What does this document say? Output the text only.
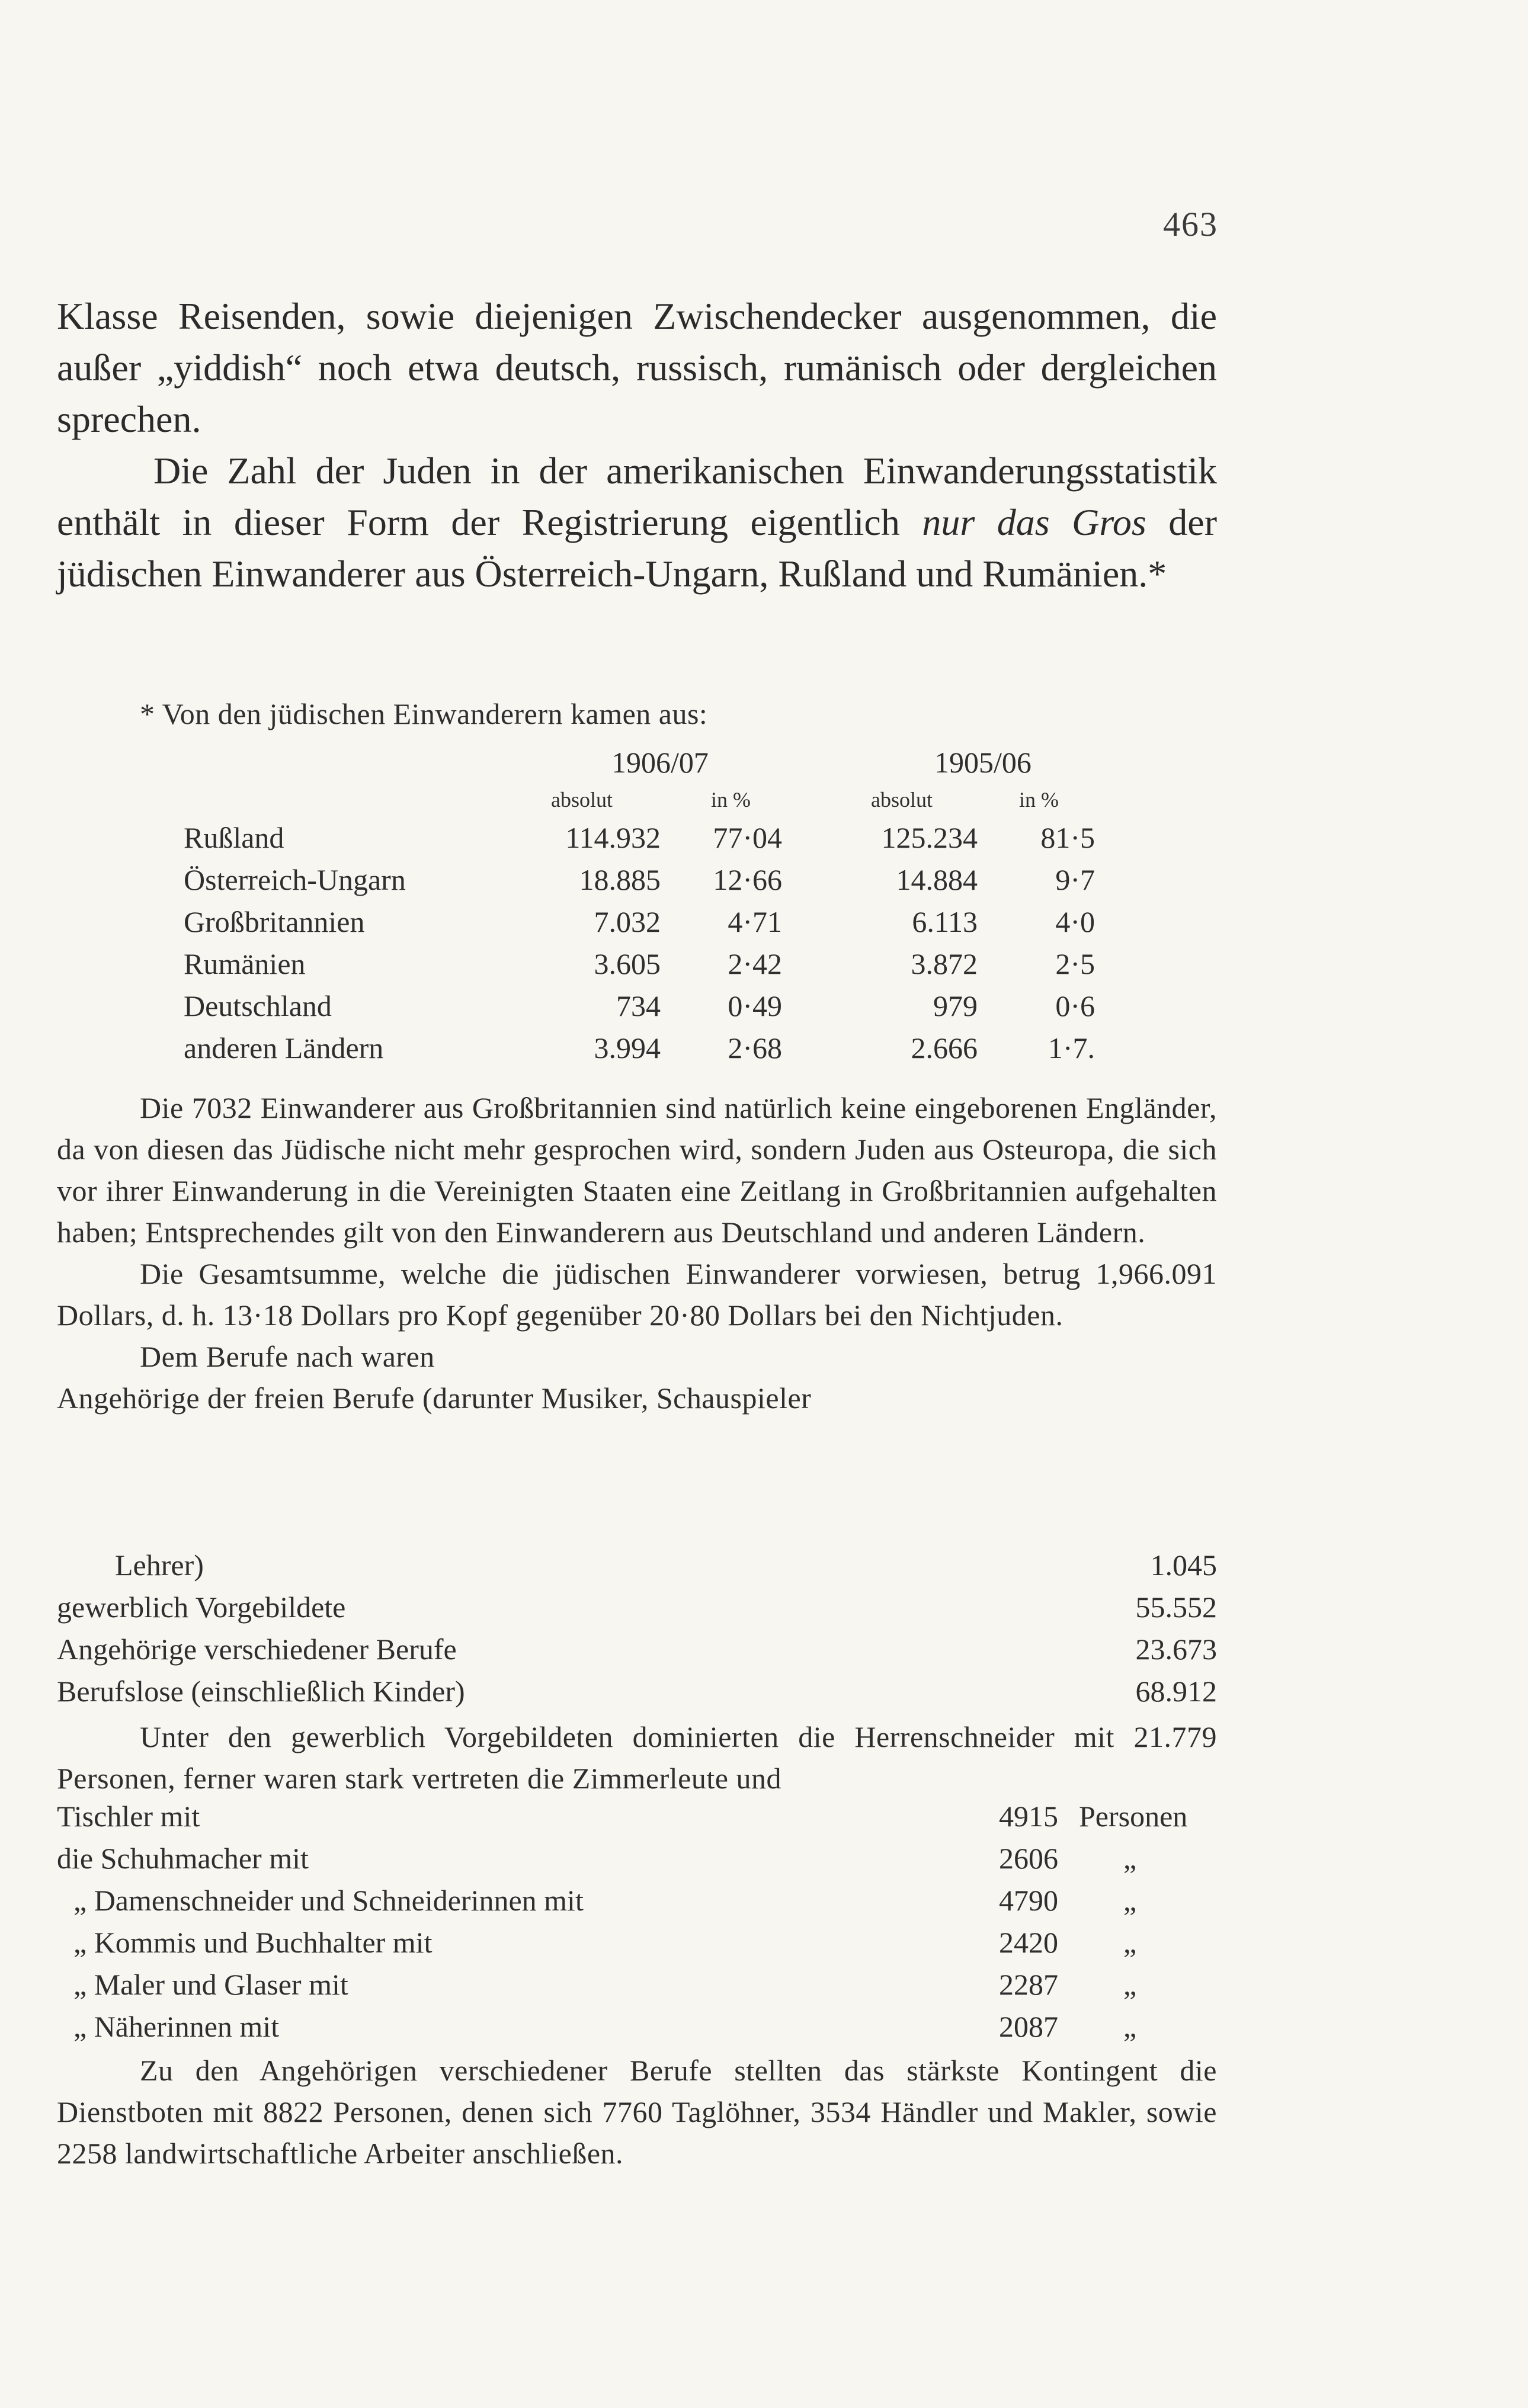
463

Klasse Reisenden, sowie diejenigen Zwischendecker ausgenommen, die außer „yiddish“ noch etwa deutsch, russisch, rumänisch oder dergleichen sprechen.

Die Zahl der Juden in der amerikanischen Einwanderungsstatistik enthält in dieser Form der Registrierung eigentlich nur das Gros der jüdischen Einwanderer aus Österreich-Ungarn, Rußland und Rumänien.*

* Von den jüdischen Einwanderern kamen aus:
1906/07	1905/06
absolut	in %	absolut	in %
Rußland	114.932 77·04	125.234 81·5
Österreich-Ungarn	18.885 12·66	14.884	9·7
Großbritannien	7.032 4·71	6.113	4·0
Rumänien	3.605 2·42	3.872	2·5
Deutschland	734 0·49	979	0·6
anderen Ländern	3.994 2·68	2.666 1·7.

Die 7032 Einwanderer aus Großbritannien sind natürlich keine eingeborenen Engländer, da von diesen das Jüdische nicht mehr gesprochen wird, sondern Juden aus Osteuropa, die sich vor ihrer Einwanderung in die Vereinigten Staaten eine Zeitlang in Großbritannien aufgehalten haben; Entsprechendes gilt von den Einwanderern aus Deutschland und anderen Ländern.

Die Gesamtsumme, welche die jüdischen Einwanderer vorwiesen, betrug 1,966.091 Dollars, d. h. 13·18 Dollars pro Kopf gegenüber 20·80 Dollars bei den Nichtjuden.

Dem Berufe nach waren

Angehörige der freien Berufe (darunter Musiker, Schauspieler

Lehrer)	1.045
gewerblich Vorgebildete	55.552
Angehörige verschiedener Berufe	23.673
Berufslose (einschließlich Kinder)	68.912
Unter den gewerblich Vorgebildeten dominierten die Herrenschneider mit 21.779 Personen, ferner waren stark vertreten die Zimmerleute und
Tischler mit	4915 Personen
die Schuhmacher mit	2606 „
„ Damenschneider und Schneiderinnen mit	4790 „
„ Kommis und Buchhalter mit	2420 „
„ Maler und Glaser mit	2287 „
„ Näherinnen mit	2087 „
Zu den Angehörigen verschiedener Berufe stellten das stärkste Kontingent die Dienstboten mit 8822 Personen, denen sich 7760 Taglöhner, 3534 Händler und Makler, sowie 2258 landwirtschaftliche Arbeiter anschließen.
